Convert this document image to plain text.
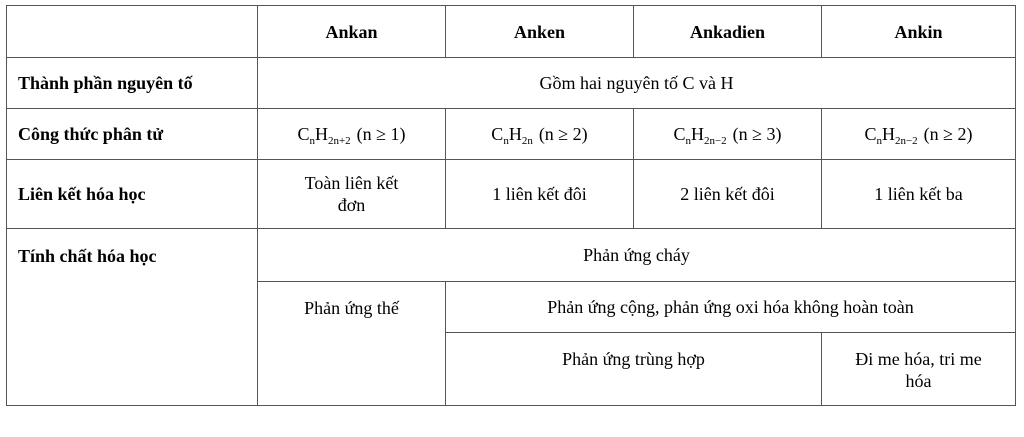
	Ankan	Anken	Ankadien	Ankin
Thành phần nguyên tố	Gồm hai nguyên tố C và H			
Công thức phân tử	$C_nH_{2n+2}$ (n ≥ 1)	$C_nH_{2n}$ (n ≥ 2)	$C_nH_{2n-2}$ (n ≥ 3)	$C_nH_{2n-2}$ (n ≥ 2)
Liên kết hóa học	Toàn liên kết đơn	1 liên kết đôi	2 liên kết đôi	1 liên kết ba
Tính chất hóa học	Phản ứng cháy			
	Phản ứng thế	Phản ứng cộng, phản ứng oxi hóa không hoàn toàn		
		Phản ứng trùng hợp		Đi me hóa, tri me hóa
